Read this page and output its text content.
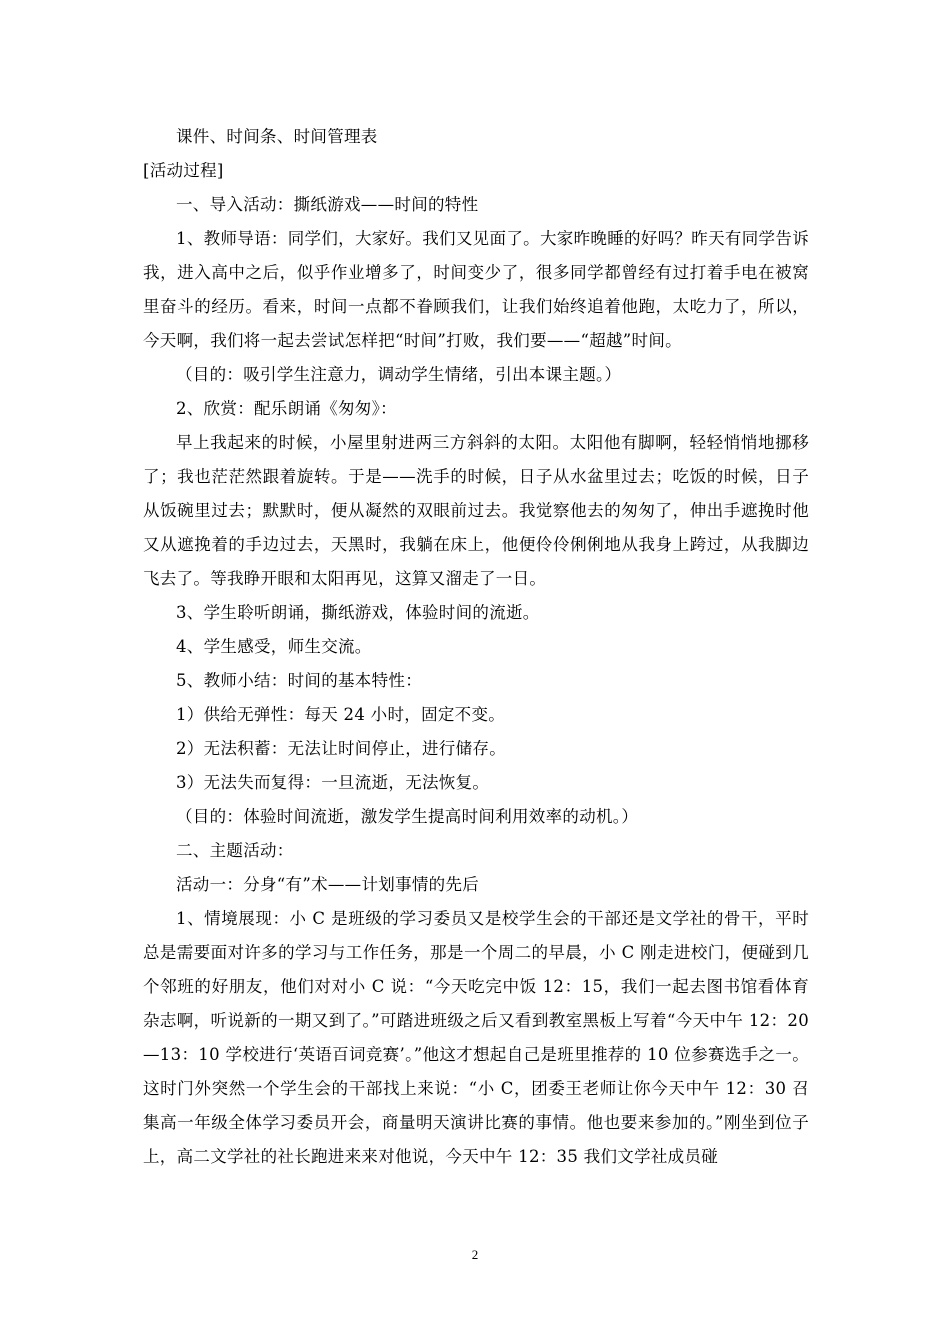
课件、时间条、时间管理表

[活动过程]

一、导入活动：撕纸游戏——时间的特性

1、教师导语：同学们，大家好。我们又见面了。大家昨晚睡的好吗？昨天有同学告诉我，进入高中之后，似乎作业增多了，时间变少了，很多同学都曾经有过打着手电在被窝里奋斗的经历。看来，时间一点都不眷顾我们，让我们始终追着他跑，太吃力了，所以，今天啊，我们将一起去尝试怎样把“时间”打败，我们要——“超越”时间。

（目的：吸引学生注意力，调动学生情绪，引出本课主题。）

2、欣赏：配乐朗诵《匆匆》：

早上我起来的时候，小屋里射进两三方斜斜的太阳。太阳他有脚啊，轻轻悄悄地挪移了；我也茫茫然跟着旋转。于是——洗手的时候，日子从水盆里过去；吃饭的时候，日子从饭碗里过去；默默时，便从凝然的双眼前过去。我觉察他去的匆匆了，伸出手遮挽时他又从遮挽着的手边过去，天黑时，我躺在床上，他便伶伶俐俐地从我身上跨过，从我脚边飞去了。等我睁开眼和太阳再见，这算又溜走了一日。

3、学生聆听朗诵，撕纸游戏，体验时间的流逝。

4、学生感受，师生交流。

5、教师小结：时间的基本特性：

1）供给无弹性：每天 24 小时，固定不变。

2）无法积蓄：无法让时间停止，进行储存。

3）无法失而复得：一旦流逝，无法恢复。

（目的：体验时间流逝，激发学生提高时间利用效率的动机。）

二、主题活动：

活动一：分身“有”术——计划事情的先后

1、情境展现：小 C 是班级的学习委员又是校学生会的干部还是文学社的骨干，平时总是需要面对许多的学习与工作任务，那是一个周二的早晨，小 C 刚走进校门，便碰到几个邻班的好朋友，他们对对小 C 说：“今天吃完中饭 12：15，我们一起去图书馆看体育杂志啊，听说新的一期又到了。”可踏进班级之后又看到教室黑板上写着“今天中午 12：20—13：10 学校进行‘英语百词竞赛’。”他这才想起自己是班里推荐的 10 位参赛选手之一。这时门外突然一个学生会的干部找上来说：“小 C，团委王老师让你今天中午 12：30 召集高一年级全体学习委员开会，商量明天演讲比赛的事情。他也要来参加的。”刚坐到位子上，高二文学社的社长跑进来来对他说，今天中午 12：35 我们文学社成员碰

2
